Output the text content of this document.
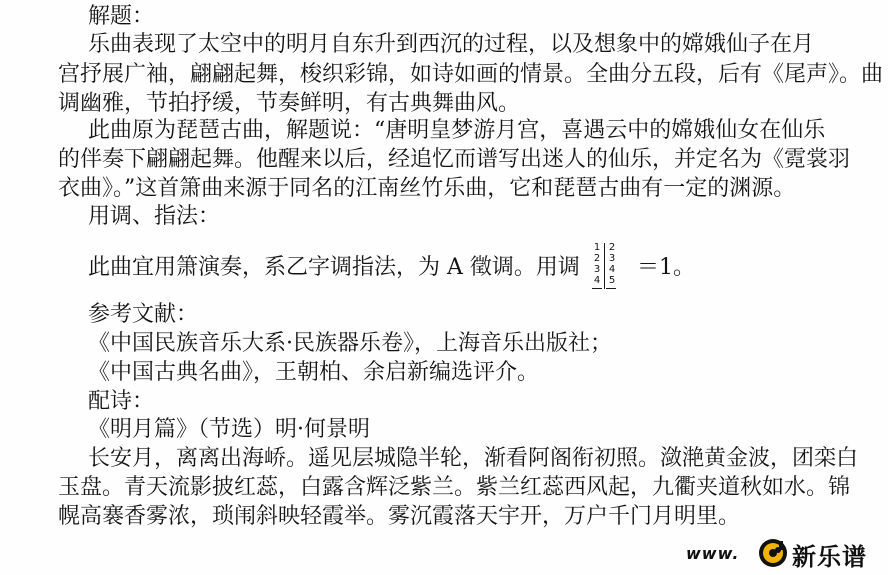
解题：
乐曲表现了太空中的明月自东升到西沉的过程，以及想象中的嫦娥仙子在月
宫抒展广袖，翩翩起舞，梭织彩锦，如诗如画的情景。全曲分五段，后有《尾声》。曲
调幽雅，节拍抒缓，节奏鲜明，有古典舞曲风。
此曲原为琵琶古曲，解题说：“唐明皇梦游月宫，喜遇云中的嫦娥仙女在仙乐
的伴奏下翩翩起舞。他醒来以后，经追忆而谱写出迷人的仙乐，并定名为《霓裳羽
衣曲》。”这首箫曲来源于同名的江南丝竹乐曲，它和琵琶古曲有一定的渊源。
用调、指法：
此曲宜用箫演奏，系乙字调指法，为 A 徵调。用调
1
2
3
4
2
3
4
5
＝1。
参考文献：
《中国民族音乐大系·民族器乐卷》，上海音乐出版社；
《中国古典名曲》，王朝柏、余启新编选评介。
配诗：
《明月篇》（节选）明·何景明
长安月，离离出海峤。遥见层城隐半轮，渐看阿阁衔初照。潋滟黄金波，团栾白
玉盘。青天流影披红蕊，白露含辉泛紫兰。紫兰红蕊西风起，九衢夹道秋如水。锦
幌高褰香雾浓，琐闱斜映轻霞举。雾沉霞落天宇开，万户千门月明里。
www. 新乐谱
